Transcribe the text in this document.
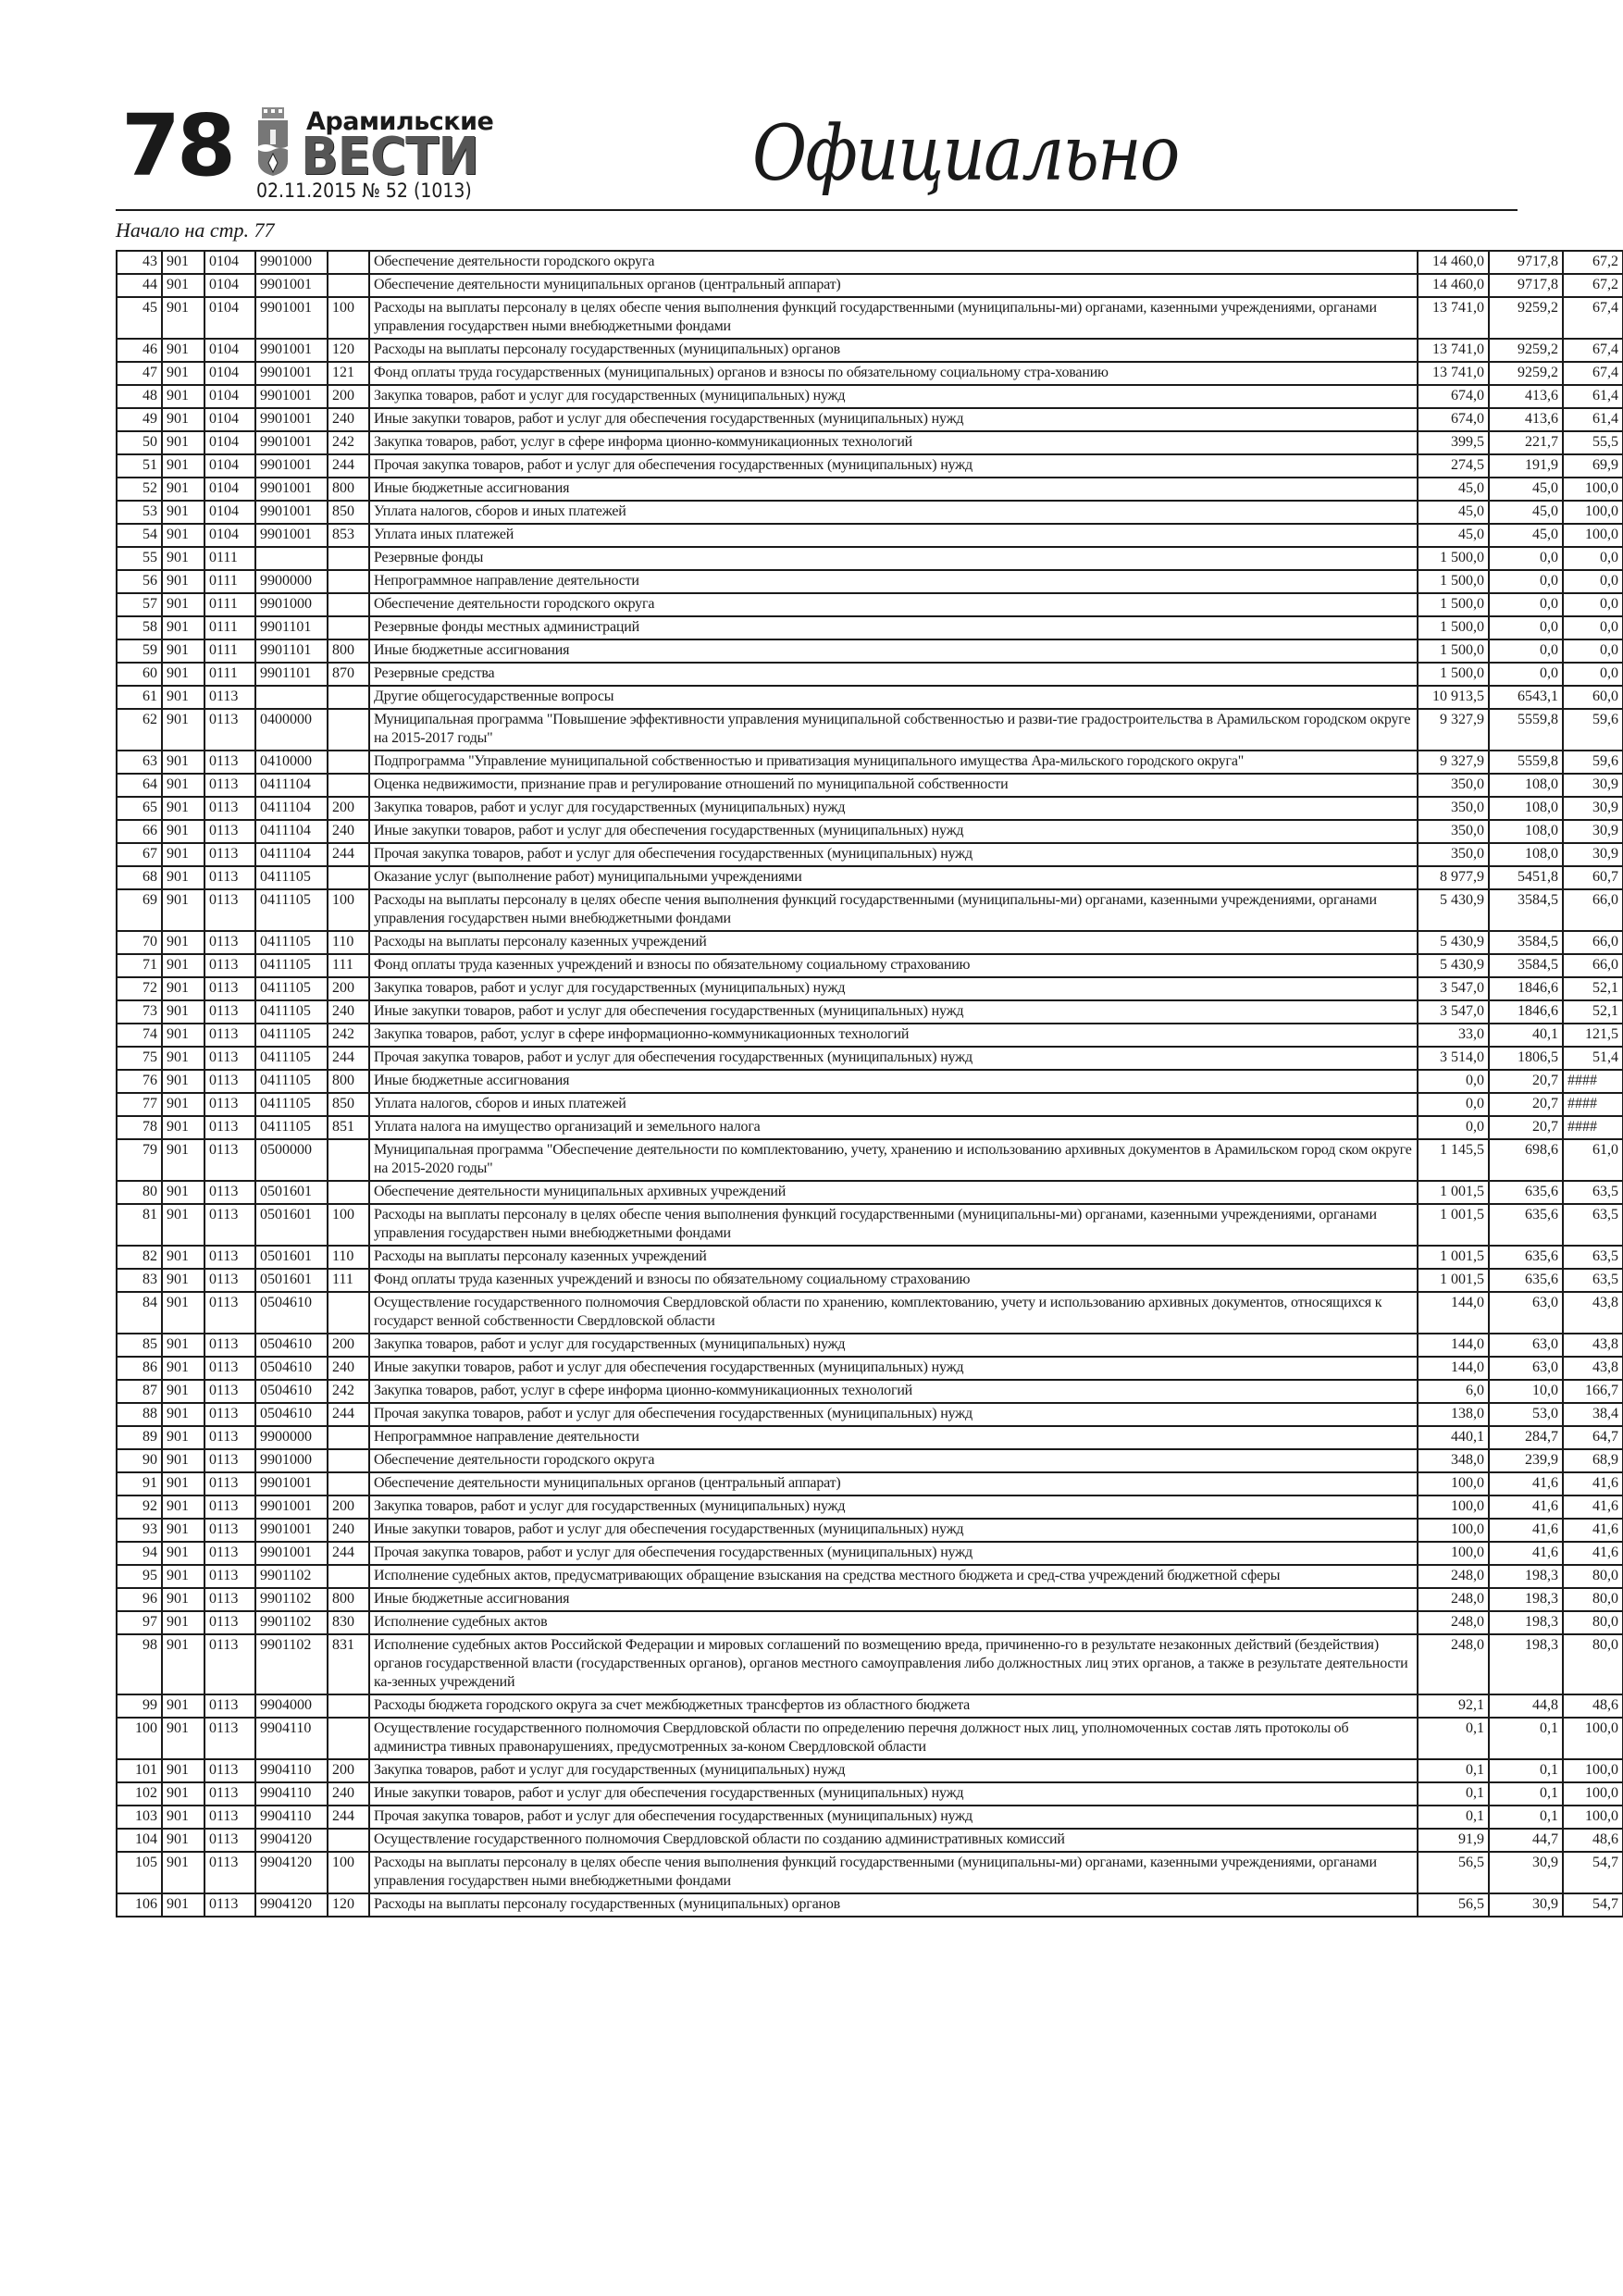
78	Арамильские
ВЕСТИ
02.11.2015 № 52 (1013)	Официально
Начало на стр. 77
43	901	0104	9901000		Обеспечение деятельности городского округа	14 460,0	9717,8	67,2
44	901	0104	9901001		Обеспечение деятельности муниципальных органов (центральный аппарат)	14 460,0	9717,8	67,2
45	901	0104	9901001	100	Расходы на выплаты персоналу в целях обеспе чения выполнения функций государственными (муниципальны-ми) органами, казенными учреждениями, органами управления государствен ными внебюджетными фондами	13 741,0	9259,2	67,4
46	901	0104	9901001	120	Расходы на выплаты персоналу государственных (муниципальных) органов	13 741,0	9259,2	67,4
47	901	0104	9901001	121	Фонд оплаты труда государственных (муниципальных) органов и взносы по обязательному социальному стра-хованию	13 741,0	9259,2	67,4
48	901	0104	9901001	200	Закупка товаров, работ и услуг для государственных (муниципальных) нужд	674,0	413,6	61,4
49	901	0104	9901001	240	Иные закупки товаров, работ и услуг для обеспечения государственных (муниципальных) нужд	674,0	413,6	61,4
50	901	0104	9901001	242	Закупка товаров, работ, услуг в сфере информа ционно-коммуникационных технологий	399,5	221,7	55,5
51	901	0104	9901001	244	Прочая закупка товаров, работ и услуг для обеспечения государственных (муниципальных) нужд	274,5	191,9	69,9
52	901	0104	9901001	800	Иные бюджетные ассигнования	45,0	45,0	100,0
53	901	0104	9901001	850	Уплата налогов, сборов и иных платежей	45,0	45,0	100,0
54	901	0104	9901001	853	Уплата иных платежей	45,0	45,0	100,0
55	901	0111			Резервные фонды	1 500,0	0,0	0,0
56	901	0111	9900000		Непрограммное направление деятельности	1 500,0	0,0	0,0
57	901	0111	9901000		Обеспечение деятельности городского округа	1 500,0	0,0	0,0
58	901	0111	9901101		Резервные фонды местных администраций	1 500,0	0,0	0,0
59	901	0111	9901101	800	Иные бюджетные ассигнования	1 500,0	0,0	0,0
60	901	0111	9901101	870	Резервные средства	1 500,0	0,0	0,0
61	901	0113			Другие общегосударственные вопросы	10 913,5	6543,1	60,0
62	901	0113	0400000		Муниципальная программа "Повышение эффективности управления муниципальной собственностью и разви-тие градостроительства в Арамильском городском округе на 2015-2017 годы"	9 327,9	5559,8	59,6
63	901	0113	0410000		Подпрограмма "Управление муниципальной собственностью и приватизация муниципального имущества Ара-мильского городского округа"	9 327,9	5559,8	59,6
64	901	0113	0411104		Оценка недвижимости, признание прав и регулирование отношений по муниципальной собственности	350,0	108,0	30,9
65	901	0113	0411104	200	Закупка товаров, работ и услуг для государственных (муниципальных) нужд	350,0	108,0	30,9
66	901	0113	0411104	240	Иные закупки товаров, работ и услуг для обеспечения государственных (муниципальных) нужд	350,0	108,0	30,9
67	901	0113	0411104	244	Прочая закупка товаров, работ и услуг для обеспечения государственных (муниципальных) нужд	350,0	108,0	30,9
68	901	0113	0411105		Оказание услуг (выполнение работ) муниципальными учреждениями	8 977,9	5451,8	60,7
69	901	0113	0411105	100	Расходы на выплаты персоналу в целях обеспе чения выполнения функций государственными (муниципальны-ми) органами, казенными учреждениями, органами управления государствен ными внебюджетными фондами	5 430,9	3584,5	66,0
70	901	0113	0411105	110	Расходы на выплаты персоналу казенных учреждений	5 430,9	3584,5	66,0
71	901	0113	0411105	111	Фонд оплаты труда казенных учреждений и взносы по обязательному социальному страхованию	5 430,9	3584,5	66,0
72	901	0113	0411105	200	Закупка товаров, работ и услуг для государственных (муниципальных) нужд	3 547,0	1846,6	52,1
73	901	0113	0411105	240	Иные закупки товаров, работ и услуг для обеспечения государственных (муниципальных) нужд	3 547,0	1846,6	52,1
74	901	0113	0411105	242	Закупка товаров, работ, услуг в сфере информационно-коммуникационных технологий	33,0	40,1	121,5
75	901	0113	0411105	244	Прочая закупка товаров, работ и услуг для обеспечения государственных (муниципальных) нужд	3 514,0	1806,5	51,4
76	901	0113	0411105	800	Иные бюджетные ассигнования	0,0	20,7	####
77	901	0113	0411105	850	Уплата налогов, сборов и иных платежей	0,0	20,7	####
78	901	0113	0411105	851	Уплата налога на имущество организаций и земельного налога	0,0	20,7	####
79	901	0113	0500000		Муниципальная программа "Обеспечение деятельности по комплектованию, учету, хранению и использованию архивных документов в Арамильском город ском округе на 2015-2020 годы"	1 145,5	698,6	61,0
80	901	0113	0501601		Обеспечение деятельности муниципальных архивных учреждений	1 001,5	635,6	63,5
81	901	0113	0501601	100	Расходы на выплаты персоналу в целях обеспе чения выполнения функций государственными (муниципальны-ми) органами, казенными учреждениями, органами управления государствен ными внебюджетными фондами	1 001,5	635,6	63,5
82	901	0113	0501601	110	Расходы на выплаты персоналу казенных учреждений	1 001,5	635,6	63,5
83	901	0113	0501601	111	Фонд оплаты труда казенных учреждений и взносы по обязательному социальному страхованию	1 001,5	635,6	63,5
84	901	0113	0504610		Осуществление государственного полномочия Свердловской области по хранению, комплектованию, учету и использованию архивных документов, относящихся к государст венной собственности Свердловской области	144,0	63,0	43,8
85	901	0113	0504610	200	Закупка товаров, работ и услуг для государственных (муниципальных) нужд	144,0	63,0	43,8
86	901	0113	0504610	240	Иные закупки товаров, работ и услуг для обеспечения государственных (муниципальных) нужд	144,0	63,0	43,8
87	901	0113	0504610	242	Закупка товаров, работ, услуг в сфере информа ционно-коммуникационных технологий	6,0	10,0	166,7
88	901	0113	0504610	244	Прочая закупка товаров, работ и услуг для обеспечения государственных (муниципальных) нужд	138,0	53,0	38,4
89	901	0113	9900000		Непрограммное направление деятельности	440,1	284,7	64,7
90	901	0113	9901000		Обеспечение деятельности городского округа	348,0	239,9	68,9
91	901	0113	9901001		Обеспечение деятельности муниципальных органов (центральный аппарат)	100,0	41,6	41,6
92	901	0113	9901001	200	Закупка товаров, работ и услуг для государственных (муниципальных) нужд	100,0	41,6	41,6
93	901	0113	9901001	240	Иные закупки товаров, работ и услуг для обеспечения государственных (муниципальных) нужд	100,0	41,6	41,6
94	901	0113	9901001	244	Прочая закупка товаров, работ и услуг для обеспечения государственных (муниципальных) нужд	100,0	41,6	41,6
95	901	0113	9901102		Исполнение судебных актов, предусматривающих обращение взыскания на средства местного бюджета и сред-ства учреждений бюджетной сферы	248,0	198,3	80,0
96	901	0113	9901102	800	Иные бюджетные ассигнования	248,0	198,3	80,0
97	901	0113	9901102	830	Исполнение судебных актов	248,0	198,3	80,0
98	901	0113	9901102	831	Исполнение судебных актов Российской Федерации и мировых соглашений по возмещению вреда, причиненно-го в результате незаконных действий (бездействия) органов государственной власти (государственных органов), органов местного самоуправления либо должностных лиц этих органов, а также в результате деятельности ка-зенных учреждений	248,0	198,3	80,0
99	901	0113	9904000		Расходы бюджета городского округа за счет межбюджетных трансфертов из областного бюджета	92,1	44,8	48,6
100	901	0113	9904110		Осуществление государственного полномочия Свердловской области по определению перечня должност ных лиц, уполномоченных состав лять протоколы об администра тивных правонарушениях, предусмотренных за-коном Свердловской области	0,1	0,1	100,0
101	901	0113	9904110	200	Закупка товаров, работ и услуг для государственных (муниципальных) нужд	0,1	0,1	100,0
102	901	0113	9904110	240	Иные закупки товаров, работ и услуг для обеспечения государственных (муниципальных) нужд	0,1	0,1	100,0
103	901	0113	9904110	244	Прочая закупка товаров, работ и услуг для обеспечения государственных (муниципальных) нужд	0,1	0,1	100,0
104	901	0113	9904120		Осуществление государственного полномочия Свердловской области по созданию административных комиссий	91,9	44,7	48,6
105	901	0113	9904120	100	Расходы на выплаты персоналу в целях обеспе чения выполнения функций государственными (муниципальны-ми) органами, казенными учреждениями, органами управления государствен ными внебюджетными фондами	56,5	30,9	54,7
106	901	0113	9904120	120	Расходы на выплаты персоналу государственных (муниципальных) органов	56,5	30,9	54,7
